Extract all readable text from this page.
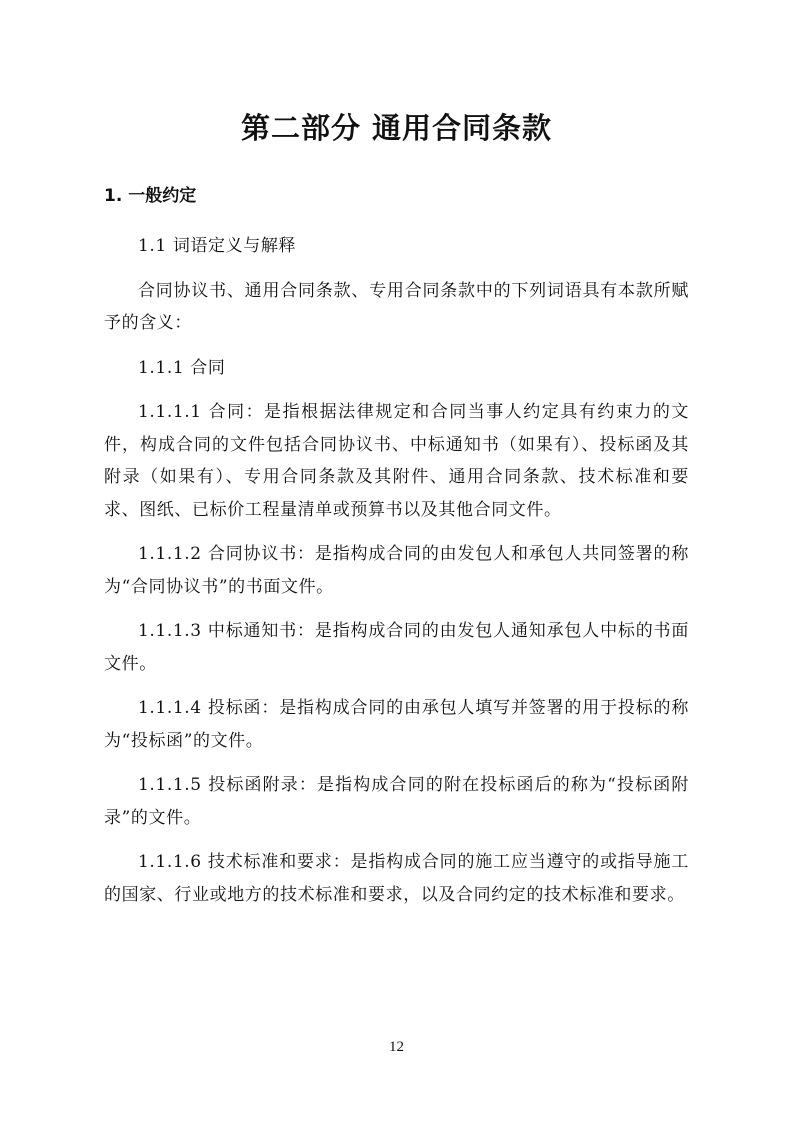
第二部分 通用合同条款
1. 一般约定

1.1 词语定义与解释

合同协议书、通用合同条款、专用合同条款中的下列词语具有本款所赋予的含义：

1.1.1 合同

1.1.1.1 合同：是指根据法律规定和合同当事人约定具有约束力的文件，构成合同的文件包括合同协议书、中标通知书（如果有）、投标函及其附录（如果有）、专用合同条款及其附件、通用合同条款、技术标准和要求、图纸、已标价工程量清单或预算书以及其他合同文件。

1.1.1.2 合同协议书：是指构成合同的由发包人和承包人共同签署的称为“合同协议书”的书面文件。

1.1.1.3 中标通知书：是指构成合同的由发包人通知承包人中标的书面文件。

1.1.1.4 投标函：是指构成合同的由承包人填写并签署的用于投标的称为“投标函”的文件。

1.1.1.5 投标函附录：是指构成合同的附在投标函后的称为“投标函附录”的文件。

1.1.1.6 技术标准和要求：是指构成合同的施工应当遵守的或指导施工的国家、行业或地方的技术标准和要求，以及合同约定的技术标准和要求。

12
